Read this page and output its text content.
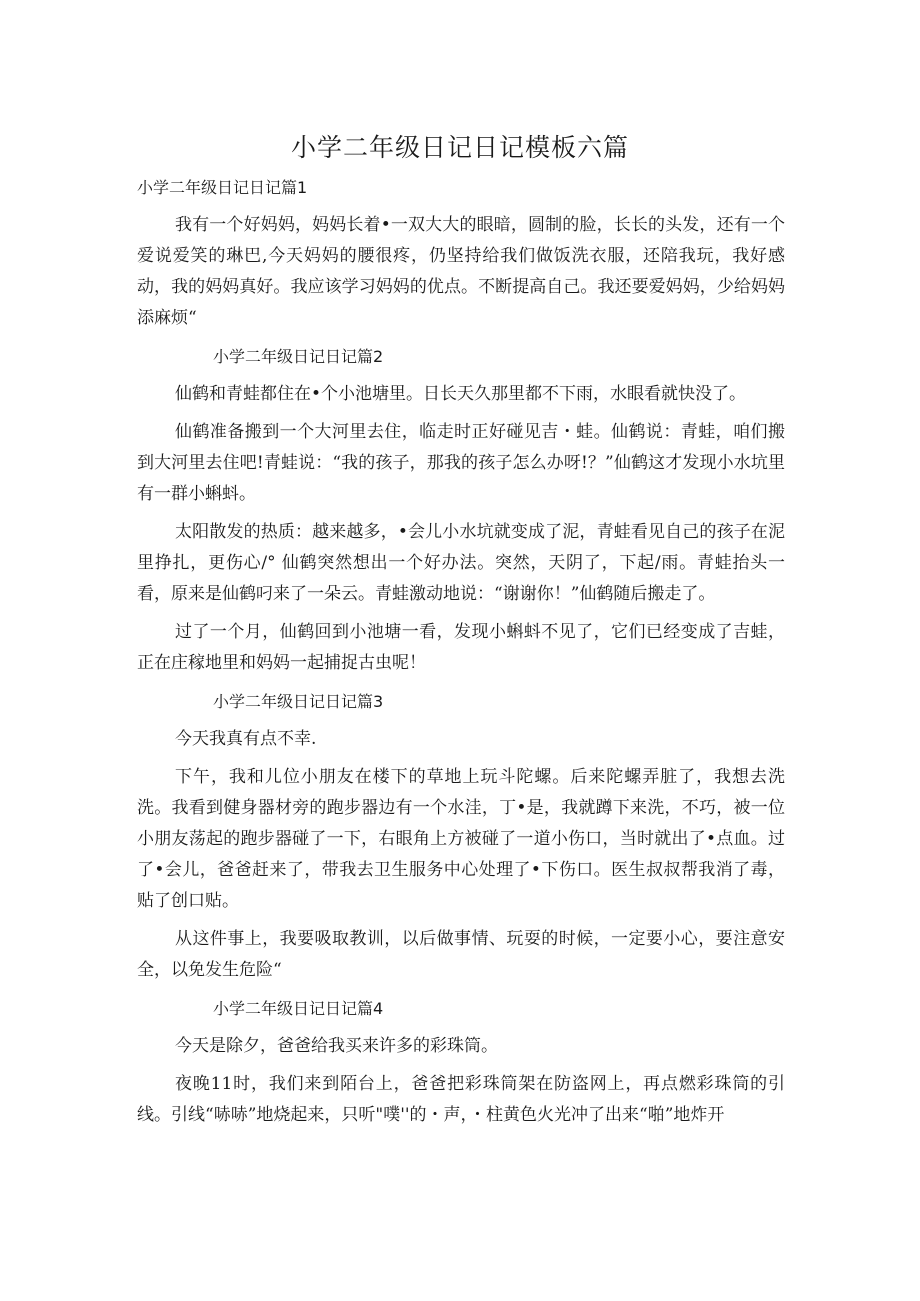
小学二年级日记日记模板六篇

小学二年级日记日记篇1

我有一个好妈妈，妈妈长着•一双大大的眼暗，圆制的脸，长长的头发，还有一个爱说爱笑的琳巴,今天妈妈的腰很疼，仍坚持给我们做饭洗衣服，还陪我玩，我好感动，我的妈妈真好。我应该学习妈妈的优点。不断提高自己。我还要爱妈妈，少给妈妈添麻烦“

小学二年级日记日记篇2

仙鹤和青蛙都住在•个小池塘里。日长天久那里都不下雨，水眼看就快没了。

仙鹤准备搬到一个大河里去住，临走时正好碰见吉・蛙。仙鹤说：青蛙，咱们搬到大河里去住吧!青蛙说：“我的孩子，那我的孩子怎么办呀!？”仙鹤这才发现小水坑里有一群小蝌蚪。

太阳散发的热质：越来越多，•会儿小水坑就变成了泥，青蛙看见自己的孩子在泥里挣扎，更伤心/° 仙鹤突然想出一个好办法。突然，天阴了，下起/雨。青蛙抬头一看，原来是仙鹤叼来了一朵云。青蛙激动地说：“谢谢你！”仙鹤随后搬走了。

过了一个月，仙鹤回到小池塘一看，发现小蝌蚪不见了，它们已经变成了吉蛙，正在庄稼地里和妈妈一起捕捉古虫呢！

小学二年级日记日记篇3

今天我真有点不幸.

下午，我和儿位小朋友在楼下的草地上玩斗陀螺。后来陀螺弄脏了，我想去洗洗。我看到健身器材旁的跑步器边有一个水洼，丁•是，我就蹲下来洗，不巧，被一位小朋友荡起的跑步器碰了一下，右眼角上方被碰了一道小伤口，当时就出了•点血。过了•会儿，爸爸赶来了，带我去卫生服务中心处理了•下伤口。医生叔叔帮我消了毒，贴了创口贴。

从这件事上，我要吸取教训，以后做事情、玩耍的时候，一定要小心，要注意安全，以免发生危险“

小学二年级日记日记篇4

今天是除夕，爸爸给我买来许多的彩珠筒。

夜晚11时，我们来到陌台上，爸爸把彩珠筒架在防盗网上，再点燃彩珠筒的引线。引线“哧哧”地烧起来，只听"噗''的・声，・柱黄色火光冲了出来“啪”地炸开
